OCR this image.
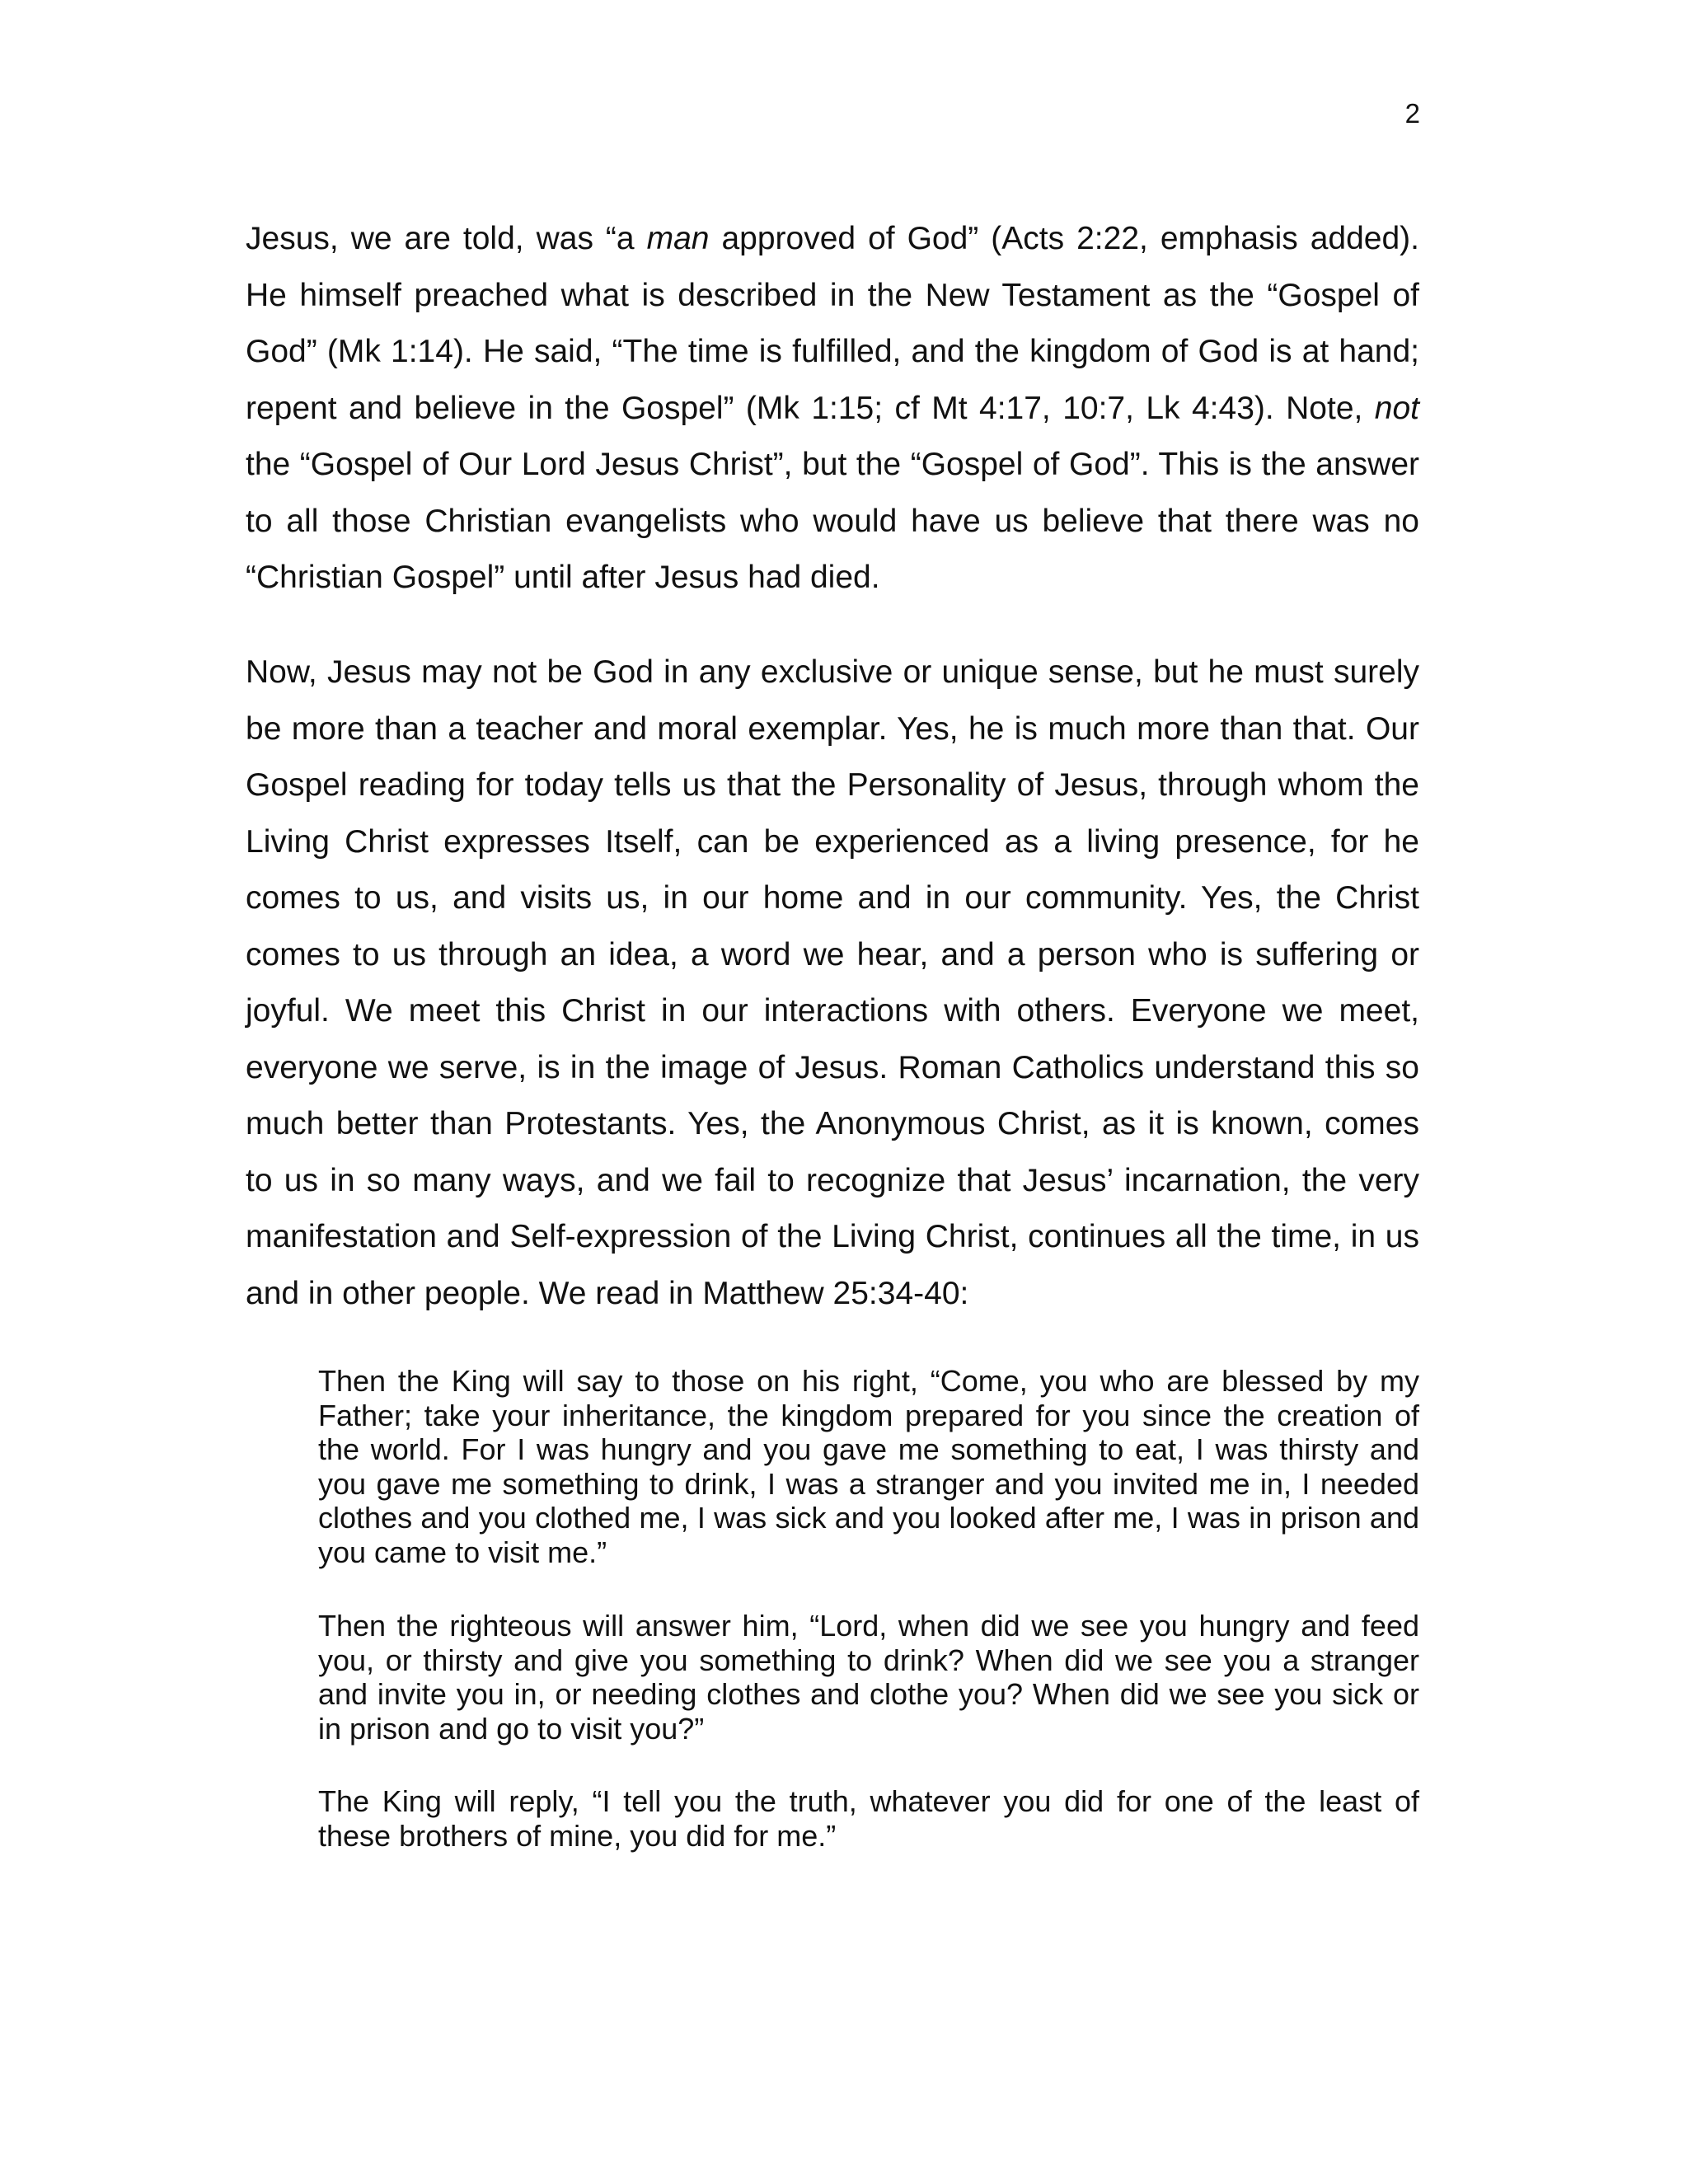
2

Jesus, we are told, was “a man approved of God” (Acts 2:22, emphasis added). He himself preached what is described in the New Testament as the “Gospel of God” (Mk 1:14). He said, “The time is fulfilled, and the kingdom of God is at hand; repent and believe in the Gospel” (Mk 1:15; cf Mt 4:17, 10:7, Lk 4:43). Note, not the “Gospel of Our Lord Jesus Christ”, but the “Gospel of God”. This is the answer to all those Christian evangelists who would have us believe that there was no “Christian Gospel” until after Jesus had died.

Now, Jesus may not be God in any exclusive or unique sense, but he must surely be more than a teacher and moral exemplar. Yes, he is much more than that. Our Gospel reading for today tells us that the Personality of Jesus, through whom the Living Christ expresses Itself, can be experienced as a living presence, for he comes to us, and visits us, in our home and in our community. Yes, the Christ comes to us through an idea, a word we hear, and a person who is suffering or joyful. We meet this Christ in our interactions with others. Everyone we meet, everyone we serve, is in the image of Jesus. Roman Catholics understand this so much better than Protestants. Yes, the Anonymous Christ, as it is known, comes to us in so many ways, and we fail to recognize that Jesus’ incarnation, the very manifestation and Self-expression of the Living Christ, continues all the time, in us and in other people. We read in Matthew 25:34-40:

Then the King will say to those on his right, “Come, you who are blessed by my Father; take your inheritance, the kingdom prepared for you since the creation of the world. For I was hungry and you gave me something to eat, I was thirsty and you gave me something to drink, I was a stranger and you invited me in, I needed clothes and you clothed me, I was sick and you looked after me, I was in prison and you came to visit me.”

Then the righteous will answer him, “Lord, when did we see you hungry and feed you, or thirsty and give you something to drink? When did we see you a stranger and invite you in, or needing clothes and clothe you? When did we see you sick or in prison and go to visit you?”

The King will reply, “I tell you the truth, whatever you did for one of the least of these brothers of mine, you did for me.”
